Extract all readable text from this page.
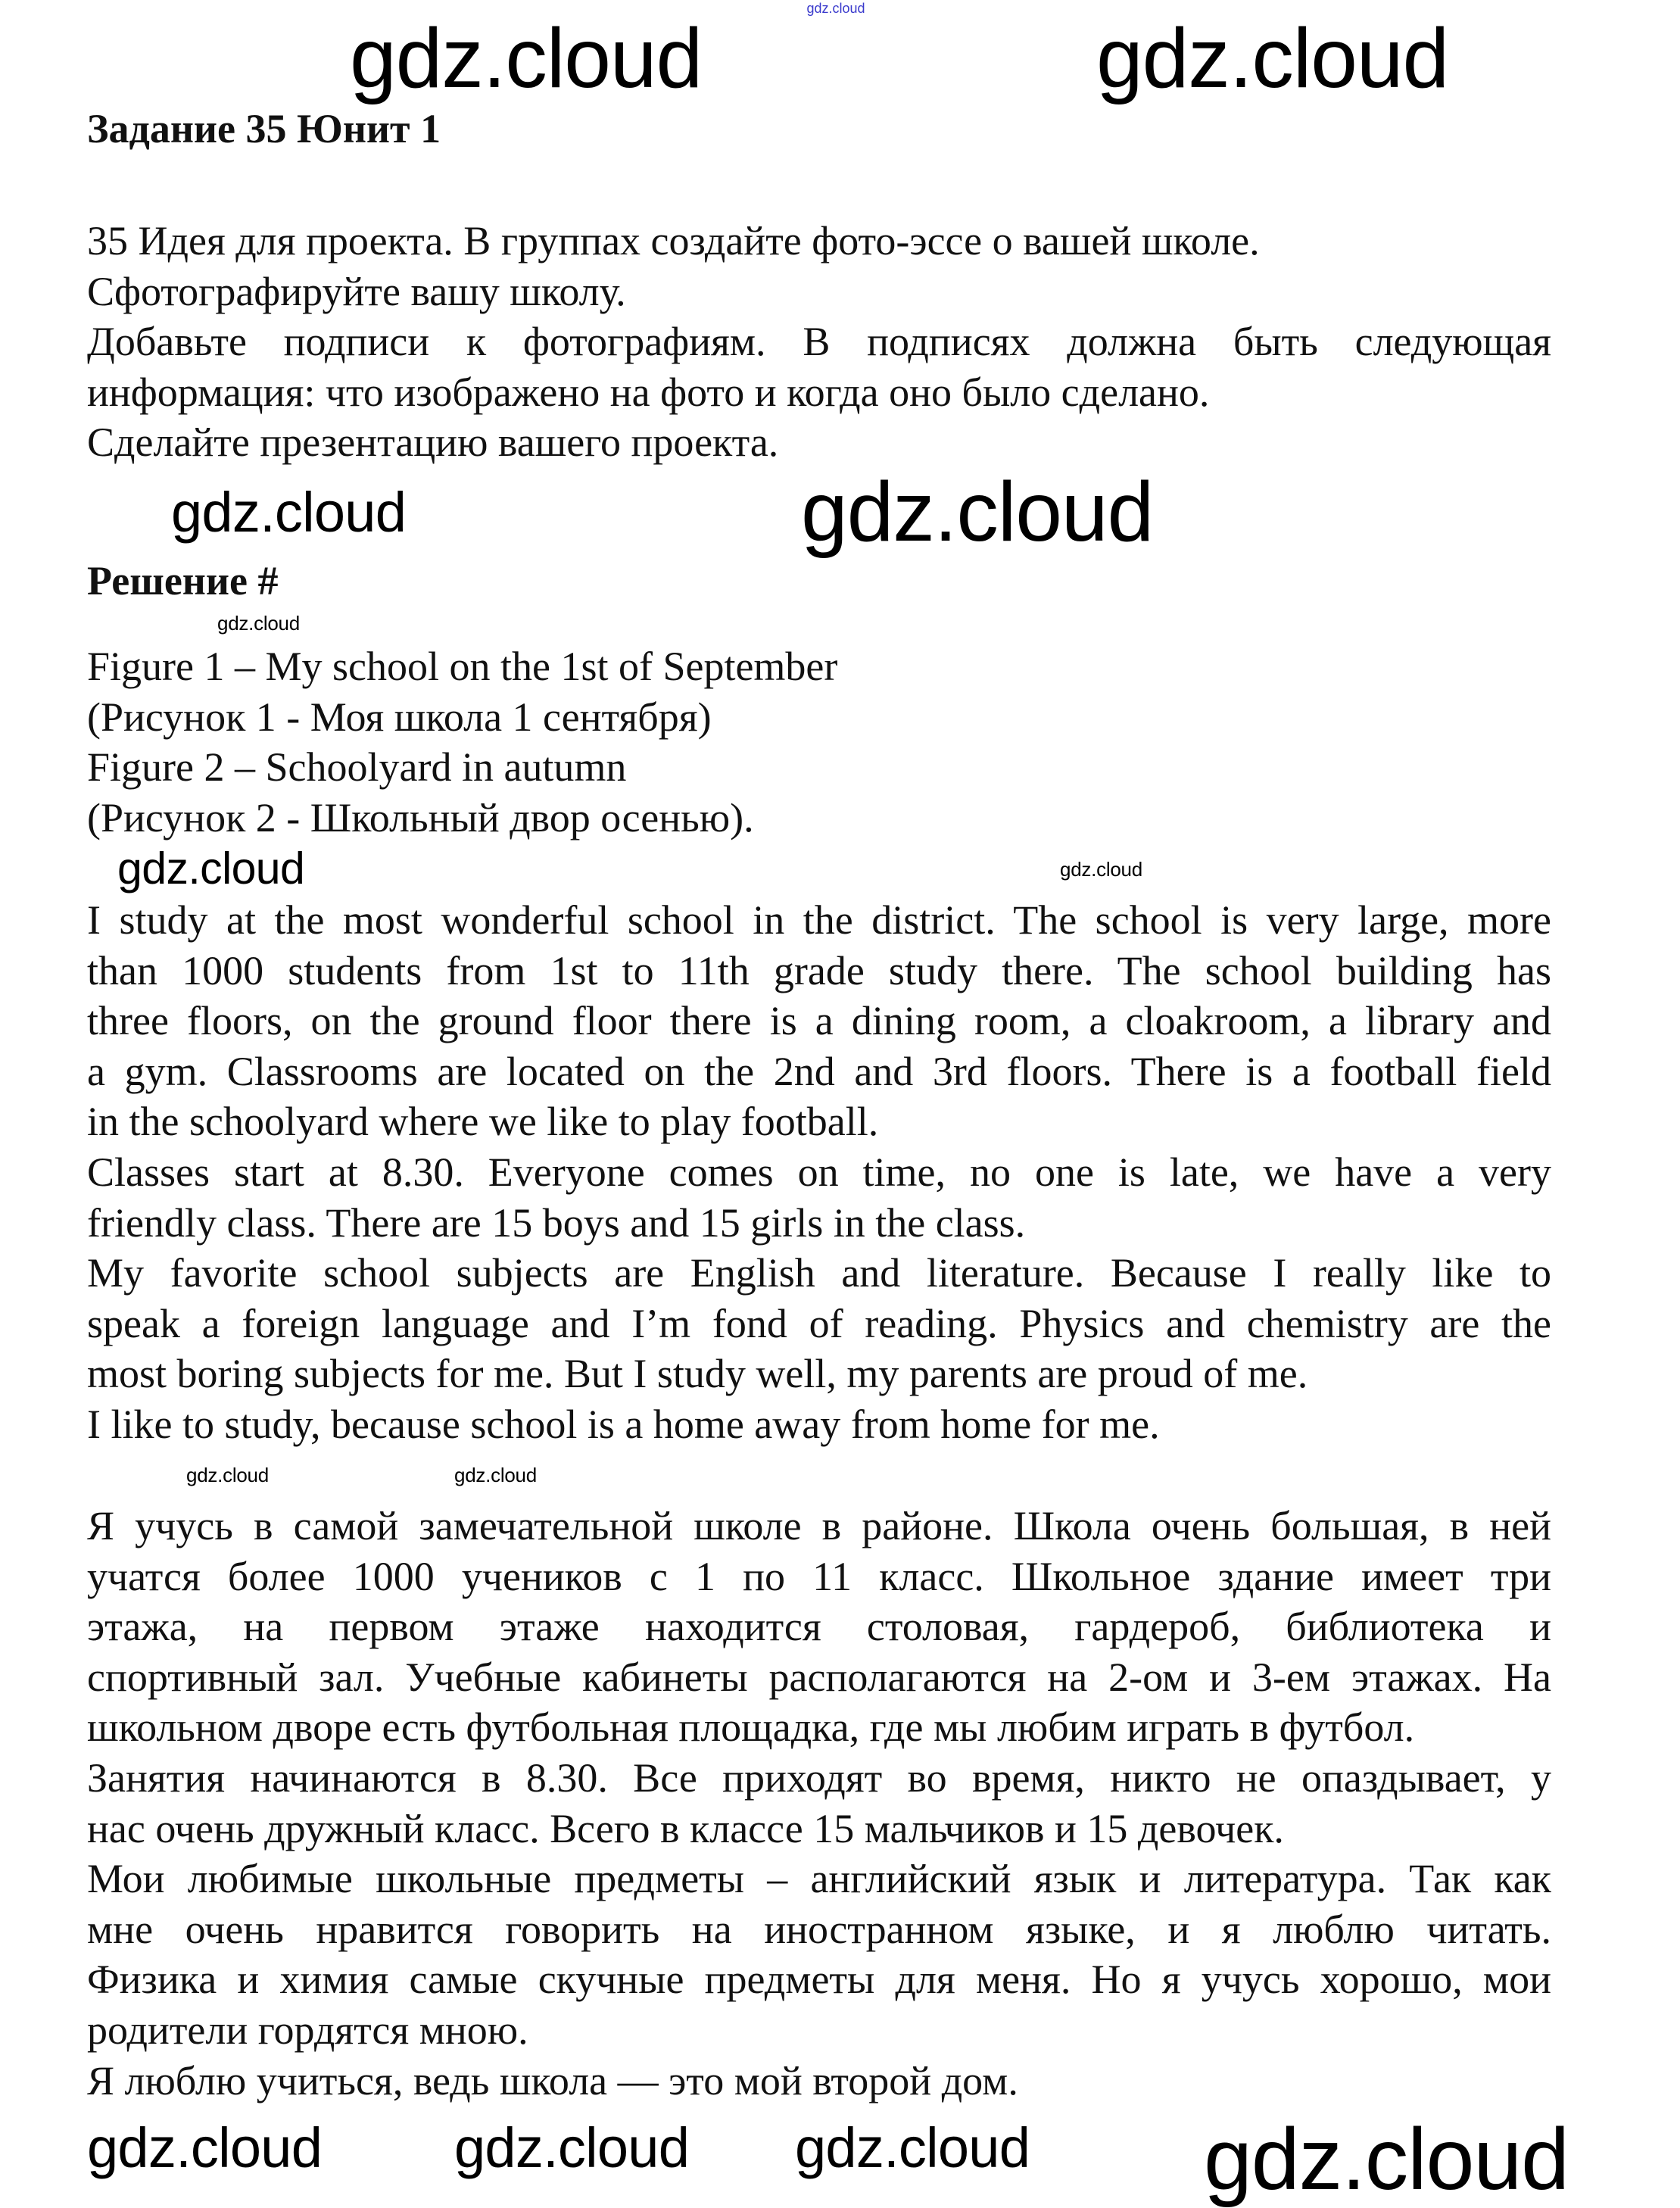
gdz.cloud
Задание 35 Юнит 1
35 Идея для проекта. В группах создайте фото-эссе о вашей школе.
Сфотографируйте вашу школу.
Добавьте подписи к фотографиям. В подписях должна быть следующая
информация: что изображено на фото и когда оно было сделано.
Сделайте презентацию вашего проекта.
Решение #
Figure 1 – My school on the 1st of September
(Рисунок 1 - Моя школа 1 сентября)
Figure 2 – Schoolyard in autumn
(Рисунок 2 - Школьный двор осенью).
I study at the most wonderful school in the district. The school is very large, more
than 1000 students from 1st to 11th grade study there. The school building has
three floors, on the ground floor there is a dining room, a cloakroom, a library and
a gym. Classrooms are located on the 2nd and 3rd floors. There is a football field
in the schoolyard where we like to play football.
Classes start at 8.30. Everyone comes on time, no one is late, we have a very
friendly class. There are 15 boys and 15 girls in the class.
My favorite school subjects are English and literature. Because I really like to
speak a foreign language and I’m fond of reading. Physics and chemistry are the
most boring subjects for me. But I study well, my parents are proud of me.
I like to study, because school is a home away from home for me.
Я учусь в самой замечательной школе в районе. Школа очень большая, в ней
учатся более 1000 учеников с 1 по 11 класс. Школьное здание имеет три
этажа, на первом этаже находится столовая, гардероб, библиотека и
спортивный зал. Учебные кабинеты располагаются на 2-ом и 3-ем этажах. На
школьном дворе есть футбольная площадка, где мы любим играть в футбол.
Занятия начинаются в 8.30. Все приходят во время, никто не опаздывает, у
нас очень дружный класс. Всего в классе 15 мальчиков и 15 девочек.
Мои любимые школьные предметы – английский язык и литература. Так как
мне очень нравится говорить на иностранном языке, и я люблю читать.
Физика и химия самые скучные предметы для меня. Но я учусь хорошо, мои
родители гордятся мною.
Я люблю учиться, ведь школа — это мой второй дом.
gdz.cloud	gdz.cloud
gdz.cloud	gdz.cloud
gdz.cloud	gdz.cloud
gdz.cloud
gdz.cloud	gdz.cloud
gdz.cloud
gdz.cloud
gdz.cloud	gdz.cloud
